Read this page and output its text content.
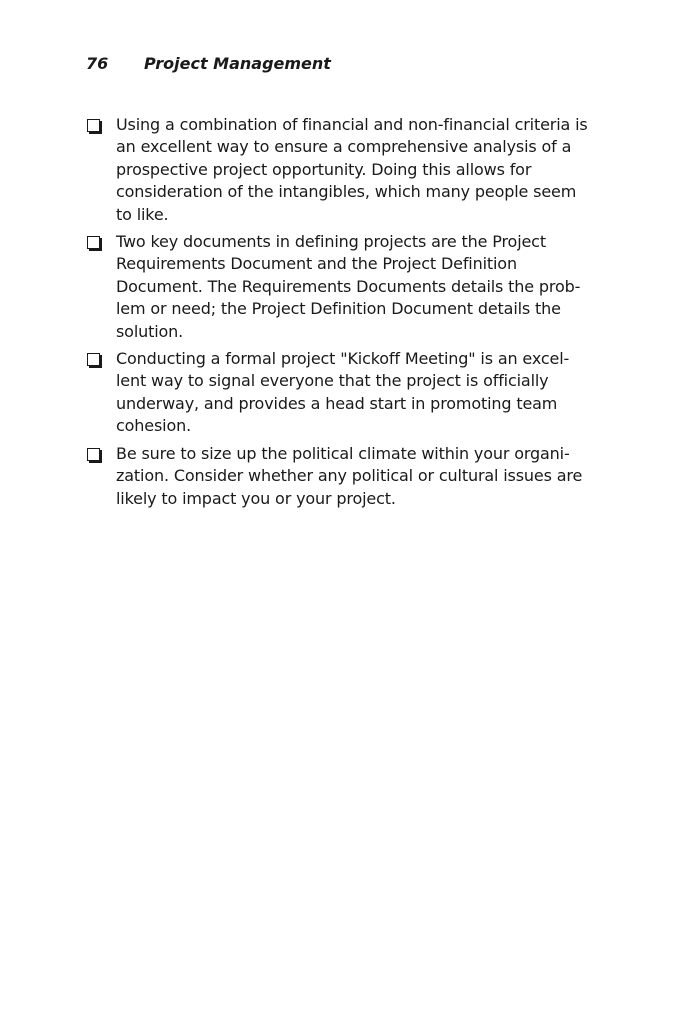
76 Project Management
Using a combination of financial and non-financial criteria is an excellent way to ensure a comprehensive analysis of a prospective project opportunity. Doing this allows for consideration of the intangibles, which many people seem to like.
Two key documents in defining projects are the Project Requirements Document and the Project Definition Document. The Requirements Documents details the prob-lem or need; the Project Definition Document details the solution.
Conducting a formal project "Kickoff Meeting" is an excel-lent way to signal everyone that the project is officially underway, and provides a head start in promoting team cohesion.
Be sure to size up the political climate within your organi-zation. Consider whether any political or cultural issues are likely to impact you or your project.
